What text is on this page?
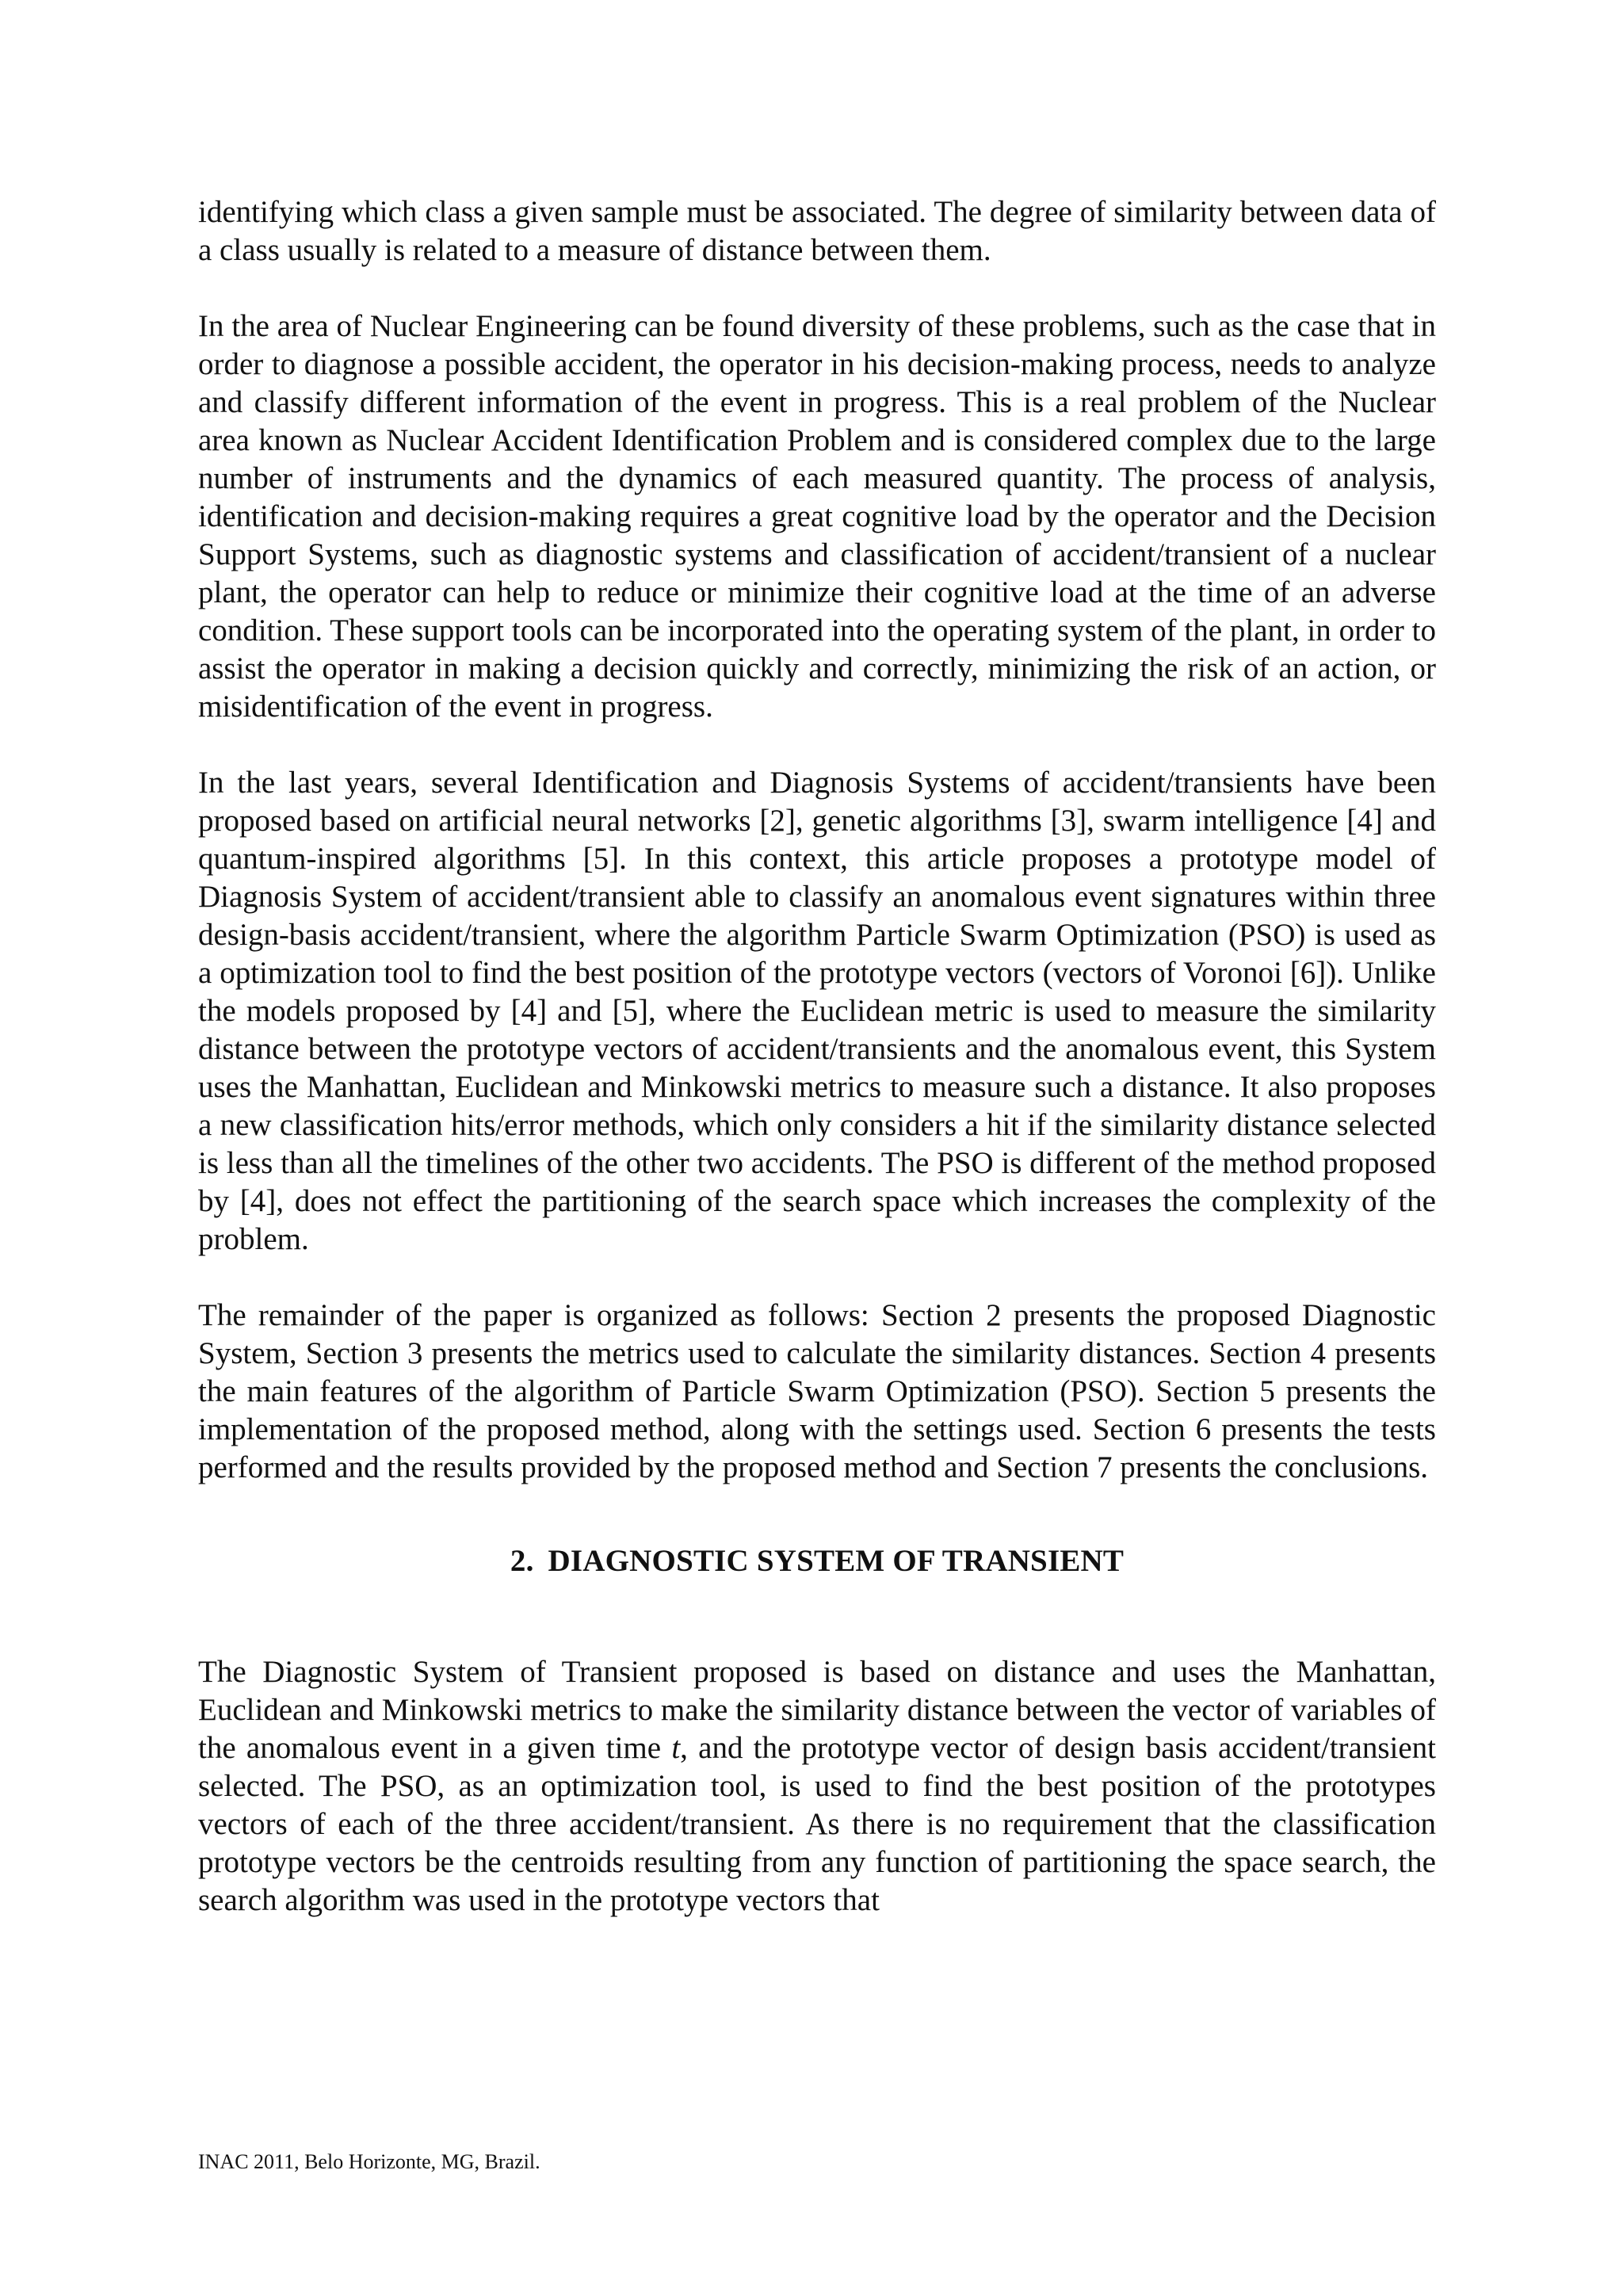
identifying which class a given sample must be associated. The degree of similarity between data of a class usually is related to a measure of distance between them.

In the area of Nuclear Engineering can be found diversity of these problems, such as the case that in order to diagnose a possible accident, the operator in his decision-making process, needs to analyze and classify different information of the event in progress. This is a real problem of the Nuclear area known as Nuclear Accident Identification Problem and is considered complex due to the large number of instruments and the dynamics of each measured quantity. The process of analysis, identification and decision-making requires a great cognitive load by the operator and the Decision Support Systems, such as diagnostic systems and classification of accident/transient of a nuclear plant, the operator can help to reduce or minimize their cognitive load at the time of an adverse condition. These support tools can be incorporated into the operating system of the plant, in order to assist the operator in making a decision quickly and correctly, minimizing the risk of an action, or misidentification of the event in progress.

In the last years, several Identification and Diagnosis Systems of accident/transients have been proposed based on artificial neural networks [2], genetic algorithms [3], swarm intelligence [4] and quantum-inspired algorithms [5]. In this context, this article proposes a prototype model of Diagnosis System of accident/transient able to classify an anomalous event signatures within three design-basis accident/transient, where the algorithm Particle Swarm Optimization (PSO) is used as a optimization tool to find the best position of the prototype vectors (vectors of Voronoi [6]). Unlike the models proposed by [4] and [5], where the Euclidean metric is used to measure the similarity distance between the prototype vectors of accident/transients and the anomalous event, this System uses the Manhattan, Euclidean and Minkowski metrics to measure such a distance. It also proposes a new classification hits/error methods, which only considers a hit if the similarity distance selected is less than all the timelines of the other two accidents. The PSO is different of the method proposed by [4], does not effect the partitioning of the search space which increases the complexity of the problem.

The remainder of the paper is organized as follows: Section 2 presents the proposed Diagnostic System, Section 3 presents the metrics used to calculate the similarity distances. Section 4 presents the main features of the algorithm of Particle Swarm Optimization (PSO). Section 5 presents the implementation of the proposed method, along with the settings used. Section 6 presents the tests performed and the results provided by the proposed method and Section 7 presents the conclusions.

2. DIAGNOSTIC SYSTEM OF TRANSIENT

The Diagnostic System of Transient proposed is based on distance and uses the Manhattan, Euclidean and Minkowski metrics to make the similarity distance between the vector of variables of the anomalous event in a given time t, and the prototype vector of design basis accident/transient selected. The PSO, as an optimization tool, is used to find the best position of the prototypes vectors of each of the three accident/transient. As there is no requirement that the classification prototype vectors be the centroids resulting from any function of partitioning the space search, the search algorithm was used in the prototype vectors that

INAC 2011, Belo Horizonte, MG, Brazil.
